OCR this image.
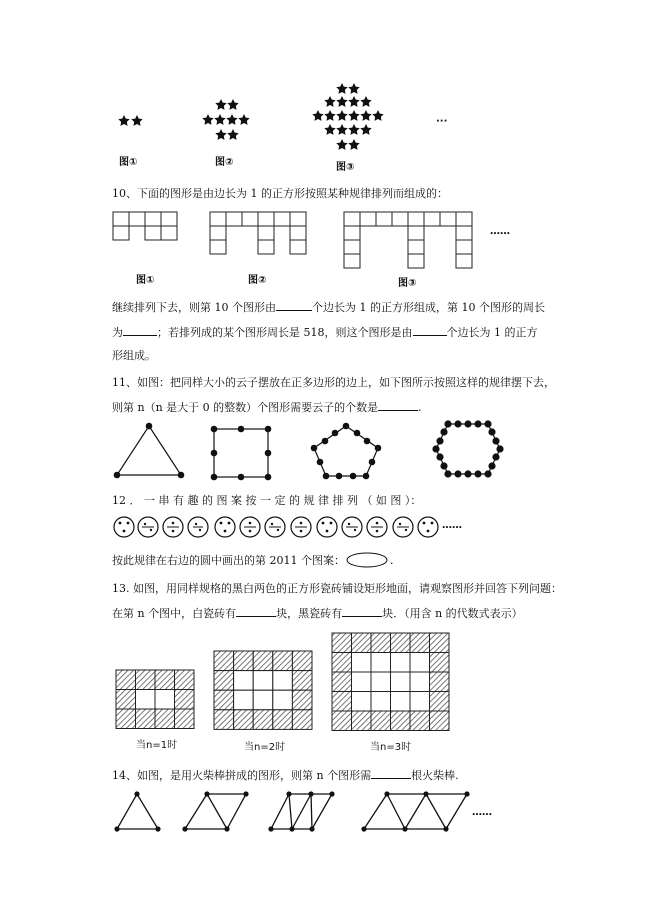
···
图①	图②	图③
10、下面的图形是由边长为 1 的正方形按照某种规律排列而组成的：
……
图①	图②	图③
继续排列下去，则第 10 个图形由	个边长为 1 的正方形组成，第 10 个图形的周长
为	；若排列成的某个图形周长是 518，则这个图形是由	个边长为 1 的正方
形组成。
11、如图：把同样大小的云子摆放在正多边形的边上，如下图所示按照这样的规律摆下去，
则第 n（n 是大于 0 的整数）个图形需要云子的个数是	.
12 ． 一 串 有 趣 的 图 案 按 一 定 的 规 律 排 列 （ 如 图 ）：
……
按此规律在右边的圆中画出的第 2011 个图案：	.
13. 如图，用同样规格的黑白两色的正方形瓷砖铺设矩形地面，请观察图形并回答下列问题：
在第 n 个图中，白瓷砖有	块，黑瓷砖有	块．（用含 n 的代数式表示）
当n=1时	当n=2时	当n=3时
14、如图，是用火柴棒拼成的图形，则第 n 个图形需	根火柴棒.
……
